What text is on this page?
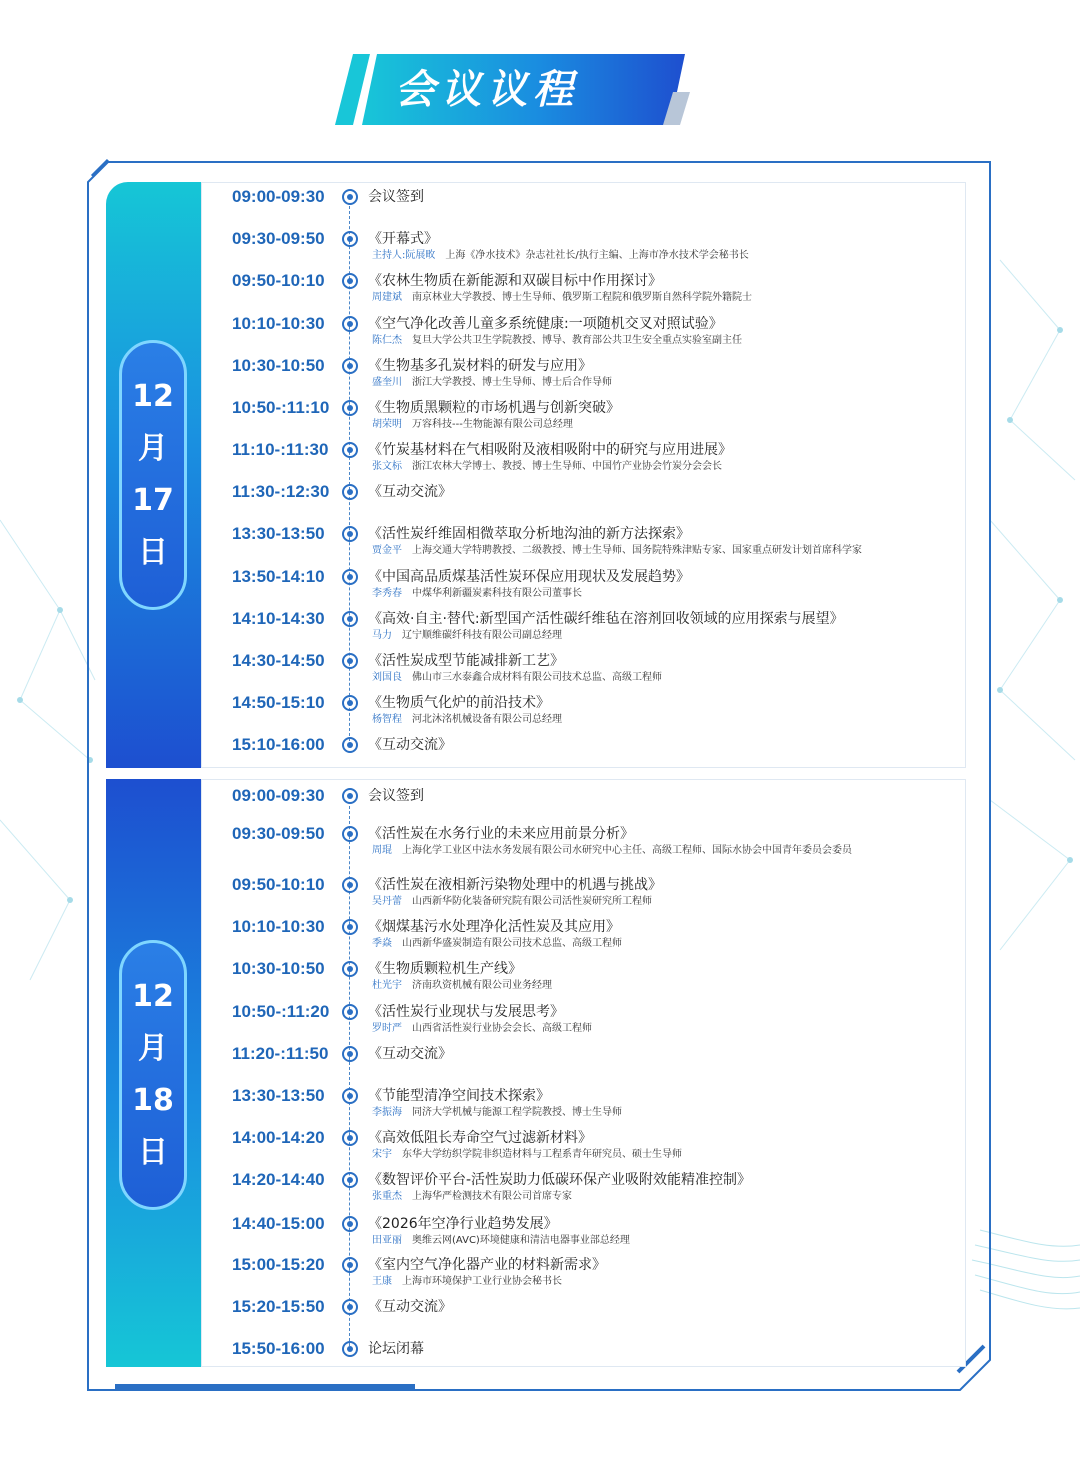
会议议程
12
月
17
日
12
月
18
日
09:00-09:30	会议签到
09:30-09:50	《开幕式》
主持人:阮展畋 上海《净水技术》杂志社社长/执行主编、上海市净水技术学会秘书长
09:50-10:10	《农林生物质在新能源和双碳目标中作用探讨》
周建斌 南京林业大学教授、博士生导师、俄罗斯工程院和俄罗斯自然科学院外籍院士
10:10-10:30	《空气净化改善儿童多系统健康:一项随机交叉对照试验》
陈仁杰 复旦大学公共卫生学院教授、博导、教育部公共卫生安全重点实验室副主任
10:30-10:50	《生物基多孔炭材料的研发与应用》
盛奎川 浙江大学教授、博士生导师、博士后合作导师
10:50-:11:10	《生物质黑颗粒的市场机遇与创新突破》
胡荣明 万容科技---生物能源有限公司总经理
11:10-:11:30	《竹炭基材料在气相吸附及液相吸附中的研究与应用进展》
张文标 浙江农林大学博士、教授、博士生导师、中国竹产业协会竹炭分会会长
11:30-:12:30	《互动交流》
13:30-13:50	《活性炭纤维固相微萃取分析地沟油的新方法探索》
贾金平 上海交通大学特聘教授、二级教授、博士生导师、国务院特殊津贴专家、国家重点研发计划首席科学家
13:50-14:10	《中国高品质煤基活性炭环保应用现状及发展趋势》
李秀春 中煤华利新疆炭素科技有限公司董事长
14:10-14:30	《高效·自主·替代:新型国产活性碳纤维毡在溶剂回收领域的应用探索与展望》
马力 辽宁顺维碳纤科技有限公司副总经理
14:30-14:50	《活性炭成型节能减排新工艺》
刘国良 佛山市三水泰鑫合成材料有限公司技术总监、高级工程师
14:50-15:10	《生物质气化炉的前沿技术》
杨智程 河北沐洺机械设备有限公司总经理
15:10-16:00	《互动交流》
09:00-09:30	会议签到
09:30-09:50	《活性炭在水务行业的未来应用前景分析》
周琨 上海化学工业区中法水务发展有限公司水研究中心主任、高级工程师、国际水协会中国青年委员会委员
09:50-10:10	《活性炭在液相新污染物处理中的机遇与挑战》
吴丹蕾 山西新华防化装备研究院有限公司活性炭研究所工程师
10:10-10:30	《烟煤基污水处理净化活性炭及其应用》
季焱 山西新华盛炭制造有限公司技术总监、高级工程师
10:30-10:50	《生物质颗粒机生产线》
杜光宇 济南玖资机械有限公司业务经理
10:50-:11:20	《活性炭行业现状与发展思考》
罗时严 山西省活性炭行业协会会长、高级工程师
11:20-:11:50	《互动交流》
13:30-13:50	《节能型清净空间技术探索》
李振海 同济大学机械与能源工程学院教授、博士生导师
14:00-14:20	《高效低阻长寿命空气过滤新材料》
宋宇 东华大学纺织学院非织造材料与工程系青年研究员、硕士生导师
14:20-14:40	《数智评价平台-活性炭助力低碳环保产业吸附效能精准控制》
张重杰 上海华严检测技术有限公司首席专家
14:40-15:00	《2026年空净行业趋势发展》
田亚丽 奥维云网(AVC)环境健康和清洁电器事业部总经理
15:00-15:20	《室内空气净化器产业的材料新需求》
王康 上海市环境保护工业行业协会秘书长
15:20-15:50	《互动交流》
15:50-16:00	论坛闭幕
